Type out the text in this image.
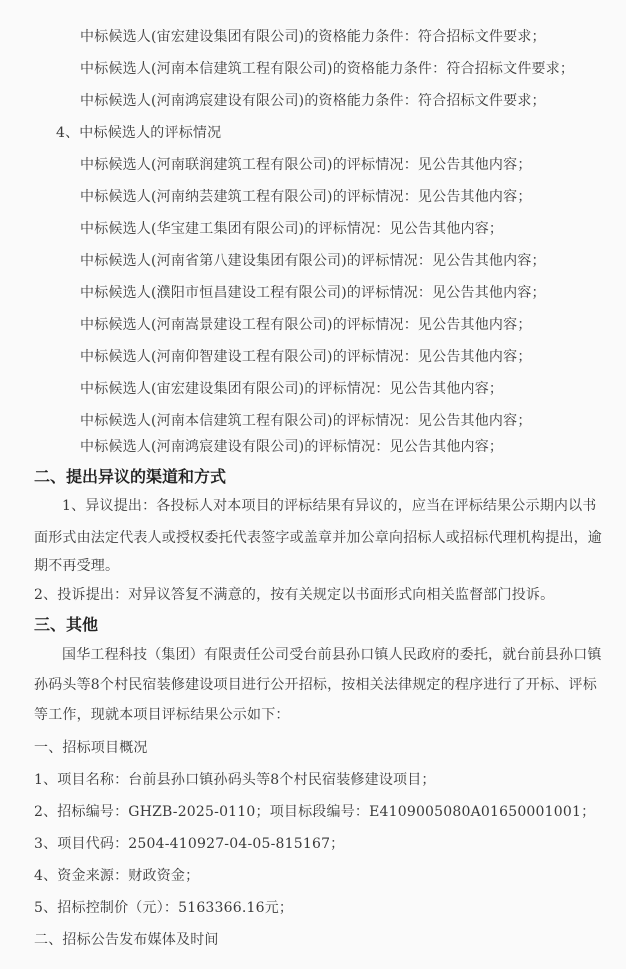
中标候选人(宙宏建设集团有限公司)的资格能力条件：符合招标文件要求；
中标候选人(河南本信建筑工程有限公司)的资格能力条件：符合招标文件要求；
中标候选人(河南鸿宸建设有限公司)的资格能力条件：符合招标文件要求；
4、中标候选人的评标情况
中标候选人(河南联润建筑工程有限公司)的评标情况：见公告其他内容；
中标候选人(河南纳芸建筑工程有限公司)的评标情况：见公告其他内容；
中标候选人(华宝建工集团有限公司)的评标情况：见公告其他内容；
中标候选人(河南省第八建设集团有限公司)的评标情况：见公告其他内容；
中标候选人(濮阳市恒昌建设工程有限公司)的评标情况：见公告其他内容；
中标候选人(河南嵩景建设工程有限公司)的评标情况：见公告其他内容；
中标候选人(河南仰智建设工程有限公司)的评标情况：见公告其他内容；
中标候选人(宙宏建设集团有限公司)的评标情况：见公告其他内容；
中标候选人(河南本信建筑工程有限公司)的评标情况：见公告其他内容；
中标候选人(河南鸿宸建设有限公司)的评标情况：见公告其他内容；
二、提出异议的渠道和方式
1、异议提出：各投标人对本项目的评标结果有异议的，应当在评标结果公示期内以书
面形式由法定代表人或授权委托代表签字或盖章并加公章向招标人或招标代理机构提出，逾
期不再受理。
2、投诉提出：对异议答复不满意的，按有关规定以书面形式向相关监督部门投诉。
三、其他
国华工程科技（集团）有限责任公司受台前县孙口镇人民政府的委托，就台前县孙口镇
孙码头等8个村民宿装修建设项目进行公开招标，按相关法律规定的程序进行了开标、评标
等工作，现就本项目评标结果公示如下：
一、招标项目概况
1、项目名称：台前县孙口镇孙码头等8个村民宿装修建设项目；
2、招标编号：GHZB-2025-0110；项目标段编号：E4109005080A01650001001；
3、项目代码：2504-410927-04-05-815167；
4、资金来源：财政资金；
5、招标控制价（元）：5163366.16元；
二、招标公告发布媒体及时间
